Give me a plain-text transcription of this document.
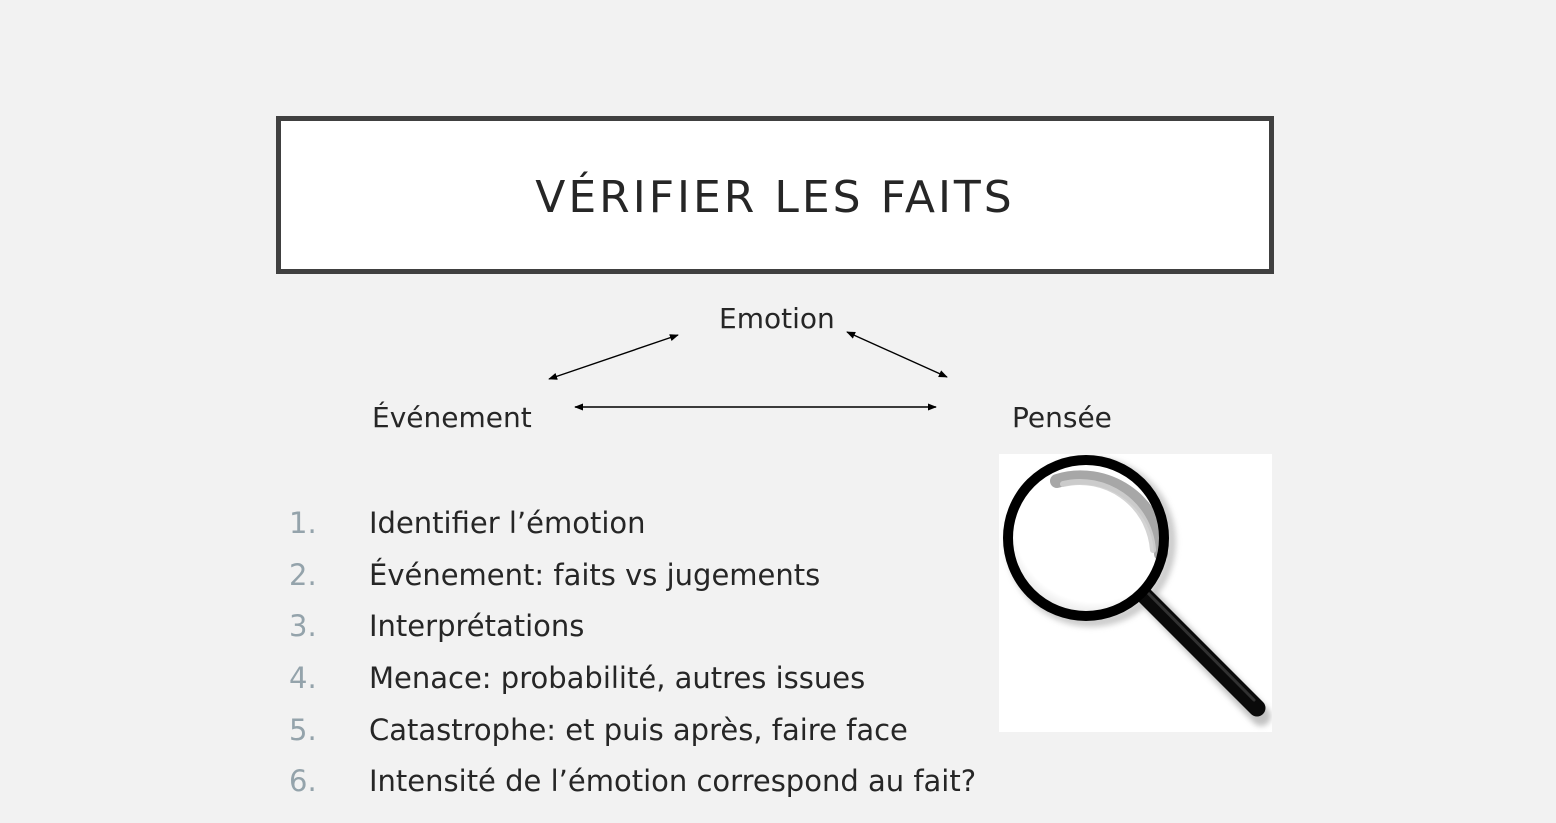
VÉRIFIER LES FAITS
Emotion
Événement	Pensée
1.	Identifier l’émotion
2.	Événement: faits vs jugements
3.	Interprétations
4.	Menace: probabilité, autres issues
5.	Catastrophe: et puis après, faire face
6.	Intensité de l’émotion correspond au fait?
